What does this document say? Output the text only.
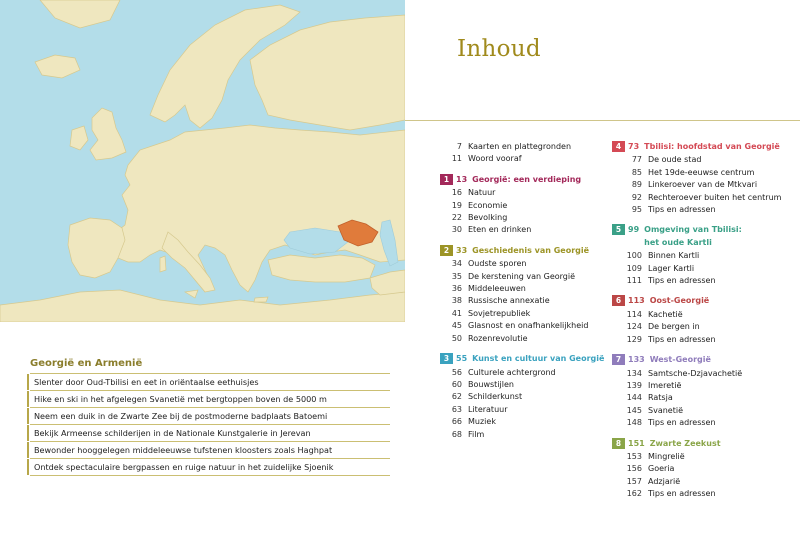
Georgië en Armenië
Slenter door Oud-Tbilisi en eet in oriëntaalse eethuisjes
Hike en ski in het afgelegen Svanetië met bergtoppen boven de 5000 m
Neem een duik in de Zwarte Zee bij de postmoderne badplaats Batoemi
Bekijk Armeense schilderijen in de Nationale Kunstgalerie in Jerevan
Bewonder hooggelegen middeleeuwse tufstenen kloosters zoals Haghpat
Ontdek spectaculaire bergpassen en ruige natuur in het zuidelijke Sjoenik
Inhoud
7 Kaarten en plattegronden
11 Woord vooraf
1 13 Georgië: een verdieping
16 Natuur
19 Economie
22 Bevolking
30 Eten en drinken
2 33 Geschiedenis van Georgië
34 Oudste sporen
35 De kerstening van Georgië
36 Middeleeuwen
38 Russische annexatie
41 Sovjetrepubliek
45 Glasnost en onafhankelijkheid
50 Rozenrevolutie
3 55 Kunst en cultuur van Georgië
56 Culturele achtergrond
60 Bouwstijlen
62 Schilderkunst
63 Literatuur
66 Muziek
68 Film
4 73 Tbilisi: hoofdstad van Georgië
77 De oude stad
85 Het 19de-eeuwse centrum
89 Linkeroever van de Mtkvari
92 Rechteroever buiten het centrum
95 Tips en adressen
5 99 Omgeving van Tbilisi:
het oude Kartli
100 Binnen Kartli
109 Lager Kartli
111 Tips en adressen
6 113 Oost-Georgië
114 Kachetië
124 De bergen in
129 Tips en adressen
7 133 West-Georgië
134 Samtsche-Dzjavachetië
139 Imeretië
144 Ratsja
145 Svanetië
148 Tips en adressen
8 151 Zwarte Zeekust
153 Mingrelië
156 Goeria
157 Adzjarië
162 Tips en adressen
